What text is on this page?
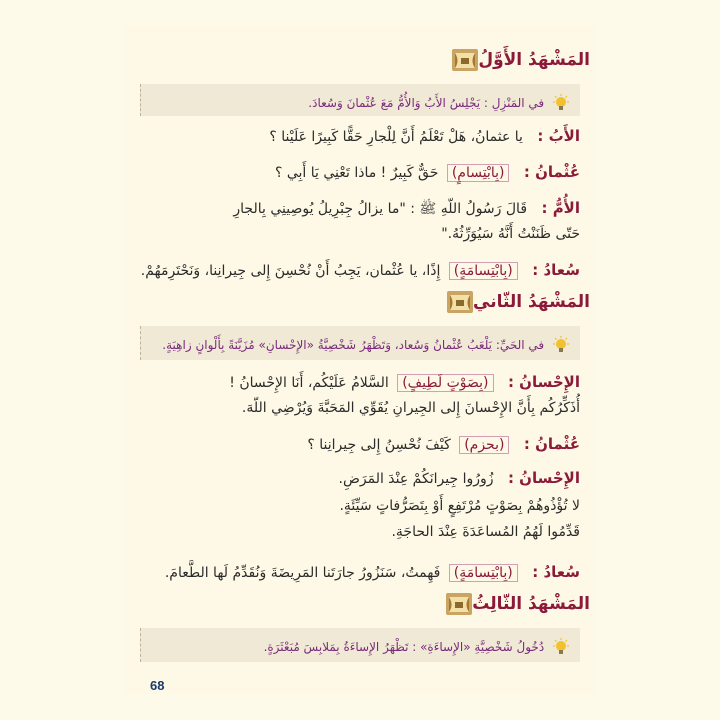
المَشْهَدُ الأَوَّلُ
في المَنْزِلِ : يَجْلِسُ الأَبُ وَالأُمُّ مَعَ عُثْمانَ وَسُعادَ.
الأَبُ : يا عثمانُ، هَلْ تَعْلَمُ أَنَّ لِلْجارِ حَقًّا كَبِيرًا عَلَيْنا ؟
عُثْمانُ : (بِابْتِسامٍ) حَقٌّ كَبِيرٌ ! ماذا تَعْنِي يَا أَبِي ؟
الأُمُّ : قَالَ رَسُولُ اللّهِ ﷺ : "ما يزالُ جِبْرِيلُ يُوصِينِي بِالجارِ
حَتّى ظَنَنْتُ أَنَّهُ سَيُوَرِّثُهُ."
سُعادُ : (بِابْتِسامَةٍ) إِذًا، يا عُثْمان، يَجِبُ أَنْ نُحْسِنَ إِلى جِيرانِنا، وَنَحْتَرِمَهُمْ.
المَشْهَدُ الثّاني
في الحَيِّ: يَلْعَبُ عُثْمانُ وَسُعاد، وَتَظْهَرُ شَخْصِيَّةُ «الإِحْسانِ» مُزَيَّنَةً بِأَلْوانٍ زاهِيَةٍ.
الإِحْسانُ : (بِصَوْتٍ لَطِيفٍ) السَّلامُ عَلَيْكُم، أَنَا الإِحْسانُ !
أُذَكِّرُكُم بِأَنَّ الإِحْسانَ إِلى الجِيرانِ يُقَوِّي المَحَبَّةَ وَيُرْضِي اللّهَ.
عُثْمانُ : (بحزم) كَيْفَ نُحْسِنُ إِلى جِيرانِنا ؟
الإِحْسانُ : زُورُوا جِيرانَكُمْ عِنْدَ المَرَضِ.
لا تُؤْذُوهُمْ بِصَوْتٍ مُرْتَفِعٍ أَوْ بِتَصَرُّفاتٍ سَيِّئَةٍ.
قَدِّمُوا لَهُمُ المُساعَدَةَ عِنْدَ الحاجَةِ.
سُعادُ : (بِابْتِسامَةٍ) فَهِمتُ، سَنَزُورُ جارَتَنا المَرِيضَةَ وَنُقَدِّمُ لَها الطَّعامَ.
المَشْهَدُ الثّالِثُ
دُخُولُ شَخْصِيَّةِ «الإِساءَةِ» : تَظْهَرُ الإِساءَةُ بِمَلابِسَ مُبَعْثَرَةٍ.
68
